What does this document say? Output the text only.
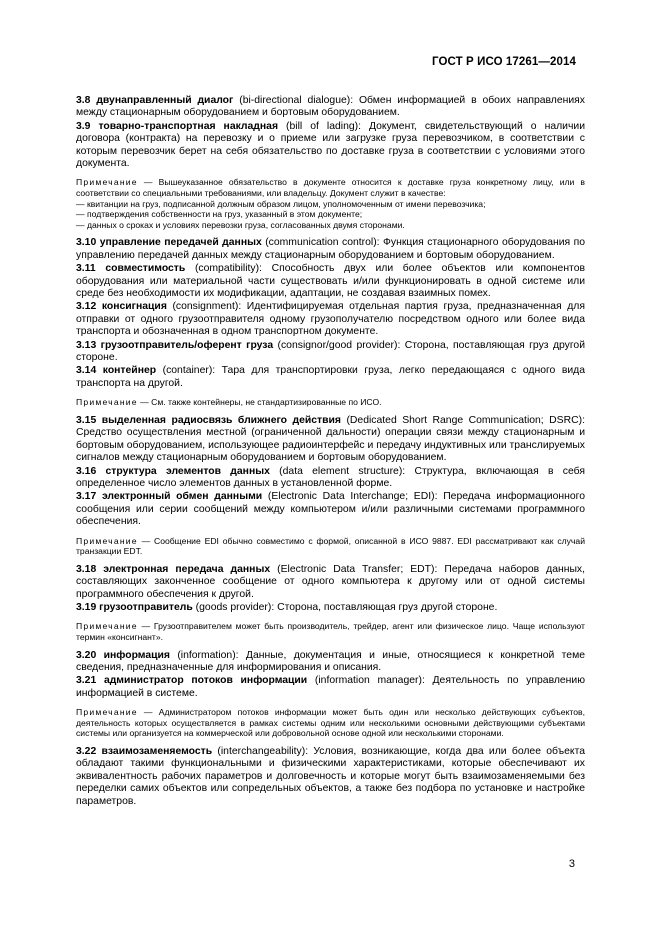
ГОСТ Р ИСО 17261—2014
3.8 двунаправленный диалог (bi-directional dialogue): Обмен информацией в обоих направлениях между стационарным оборудованием и бортовым оборудованием.
3.9 товарно-транспортная накладная (bill of lading): Документ, свидетельствующий о наличии договора (контракта) на перевозку и о приеме или загрузке груза перевозчиком, в соответствии с которым перевозчик берет на себя обязательство по доставке груза в соответствии с условиями этого документа.
Примечание — Вышеуказанное обязательство в документе относится к доставке груза конкретному лицу, или в соответствии со специальными требованиями, или владельцу. Документ служит в качестве:
— квитанции на груз, подписанной должным образом лицом, уполномоченным от имени перевозчика;
— подтверждения собственности на груз, указанный в этом документе;
— данных о сроках и условиях перевозки груза, согласованных двумя сторонами.
3.10 управление передачей данных (communication control): Функция стационарного оборудования по управлению передачей данных между стационарным оборудованием и бортовым оборудованием.
3.11 совместимость (compatibility): Способность двух или более объектов или компонентов оборудования или материальной части существовать и/или функционировать в одной системе или среде без необходимости их модификации, адаптации, не создавая взаимных помех.
3.12 консигнация (consignment): Идентифицируемая отдельная партия груза, предназначенная для отправки от одного грузоотправителя одному грузополучателю посредством одного или более вида транспорта и обозначенная в одном транспортном документе.
3.13 грузоотправитель/оферент груза (consignor/good provider): Сторона, поставляющая груз другой стороне.
3.14 контейнер (container): Тара для транспортировки груза, легко передающаяся с одного вида транспорта на другой.
Примечание — См. также контейнеры, не стандартизированные по ИСО.
3.15 выделенная радиосвязь ближнего действия (Dedicated Short Range Communication; DSRC): Средство осуществления местной (ограниченной дальности) операции связи между стационарным и бортовым оборудованием, использующее радиоинтерфейс и передачу индуктивных или транслируемых сигналов между стационарным оборудованием и бортовым оборудованием.
3.16 структура элементов данных (data element structure): Структура, включающая в себя определенное число элементов данных в установленной форме.
3.17 электронный обмен данными (Electronic Data Interchange; EDI): Передача информационного сообщения или серии сообщений между компьютером и/или различными системами программного обеспечения.
Примечание — Сообщение EDI обычно совместимо с формой, описанной в ИСО 9887. EDI рассматривают как случай транзакции EDT.
3.18 электронная передача данных (Electronic Data Transfer; EDT): Передача наборов данных, составляющих законченное сообщение от одного компьютера к другому или от одной системы программного обеспечения к другой.
3.19 грузоотправитель (goods provider): Сторона, поставляющая груз другой стороне.
Примечание — Грузоотправителем может быть производитель, трейдер, агент или физическое лицо. Чаще используют термин «консигнант».
3.20 информация (information): Данные, документация и иные, относящиеся к конкретной теме сведения, предназначенные для информирования и описания.
3.21 администратор потоков информации (information manager): Деятельность по управлению информацией в системе.
Примечание — Администратором потоков информации может быть один или несколько действующих субъектов, деятельность которых осуществляется в рамках системы одним или несколькими основными действующими субъектами системы или организуется на коммерческой или добровольной основе одной или несколькими сторонами.
3.22 взаимозаменяемость (interchangeability): Условия, возникающие, когда два или более объекта обладают такими функциональными и физическими характеристиками, которые обеспечивают их эквивалентность рабочих параметров и долговечность и которые могут быть взаимозаменяемыми без переделки самих объектов или сопредельных объектов, а также без подбора по установке и настройке параметров.
3
